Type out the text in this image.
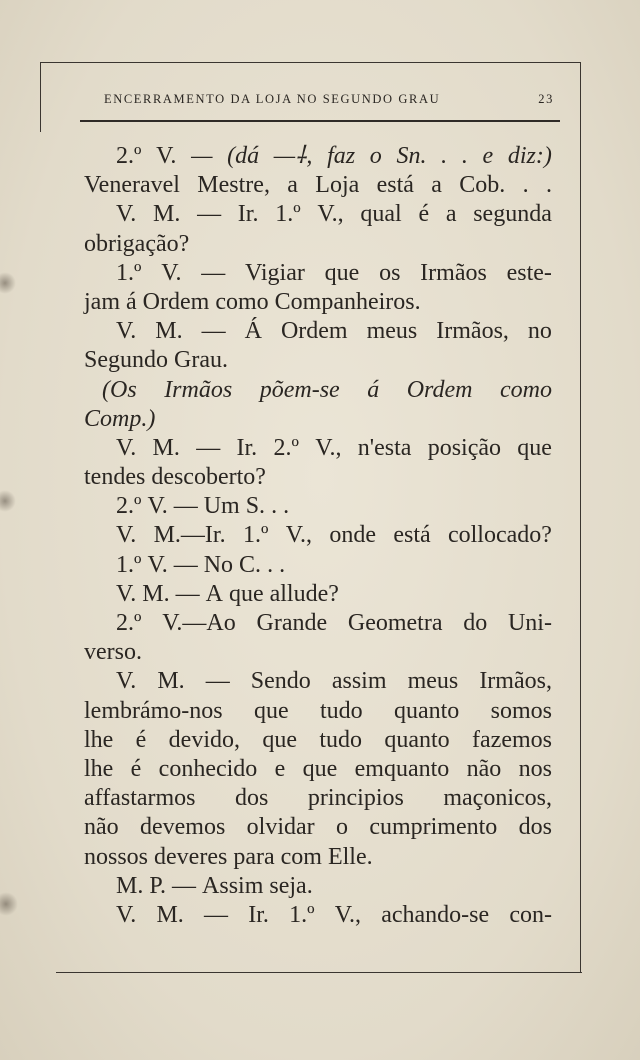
ENCERRAMENTO DA LOJA NO SEGUNDO GRAU	23
2.º V. — (dá —⸸, faz o Sn. . . e diz:)
Veneravel Mestre, a Loja está a Cob. . .
V. M. — Ir. 1.º V., qual é a segunda
obrigação?
1.º V. — Vigiar que os Irmãos este-
jam á Ordem como Companheiros.
V. M. — Á Ordem meus Irmãos, no
Segundo Grau.
(Os Irmãos põem-se á Ordem como
Comp.)
V. M. — Ir. 2.º V., n'esta posição que
tendes descoberto?
2.º V. — Um S. . .
V. M.—Ir. 1.º V., onde está collocado?
1.º V. — No C. . .
V. M. — A que allude?
2.º V.—Ao Grande Geometra do Uni-
verso.
V. M. — Sendo assim meus Irmãos,
lembrámo-nos que tudo quanto somos
lhe é devido, que tudo quanto fazemos
lhe é conhecido e que emquanto não nos
affastarmos dos principios maçonicos,
não devemos olvidar o cumprimento dos
nossos deveres para com Elle.
M. P. — Assim seja.
V. M. — Ir. 1.º V., achando-se con-
